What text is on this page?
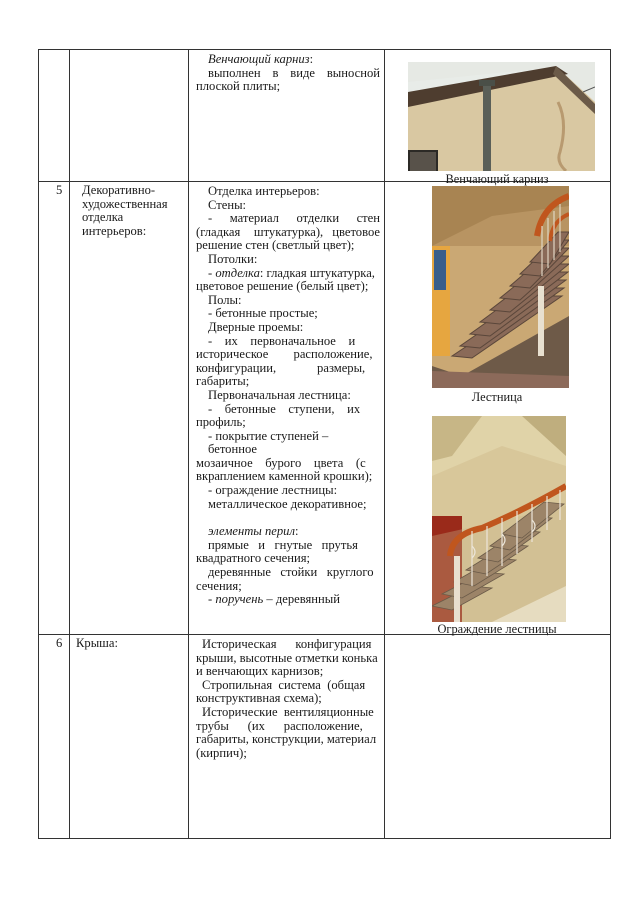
Венчающий карниз:
выполнен в виде выносной
плоской плиты;
Венчающий карниз
5 Декоративно-
художественная
отделка
интерьеров:

Отделка интерьеров:

Стены:

-  материал  отделки  стен

(гладкая   штукатурка),  цветовое

решение стен (светлый цвет);

Потолки:

- отделка: гладкая штукатурка,

цветовое решение (белый цвет);

Полы:

- бетонные простые;

Дверные проемы:

-    их    первоначальное    и

историческое        расположение,

конфигурации,             размеры,

габариты;

Первоначальная лестница:

-    бетонные    ступени,    их

профиль;

- покрытие ступеней – бетонное

мозаичное    бурого    цвета    (с

вкраплением каменной крошки);

- ограждение лестницы:

металлическое декоративное;

элементы перил:

прямые   и   гнутые   прутья

квадратного сечения;

деревянные   стойки   круглого

сечения;

- поручень – деревянный

Лестница
Ограждение лестницы
6 Крыша:	Историческая      конфигурация

крыши, высотные отметки конька

и венчающих карнизов;

Стропильная  система  (общая

конструктивная схема);

Исторические  вентиляционные

трубы      (их      расположение,

габариты, конструкции, материал

(кирпич);
